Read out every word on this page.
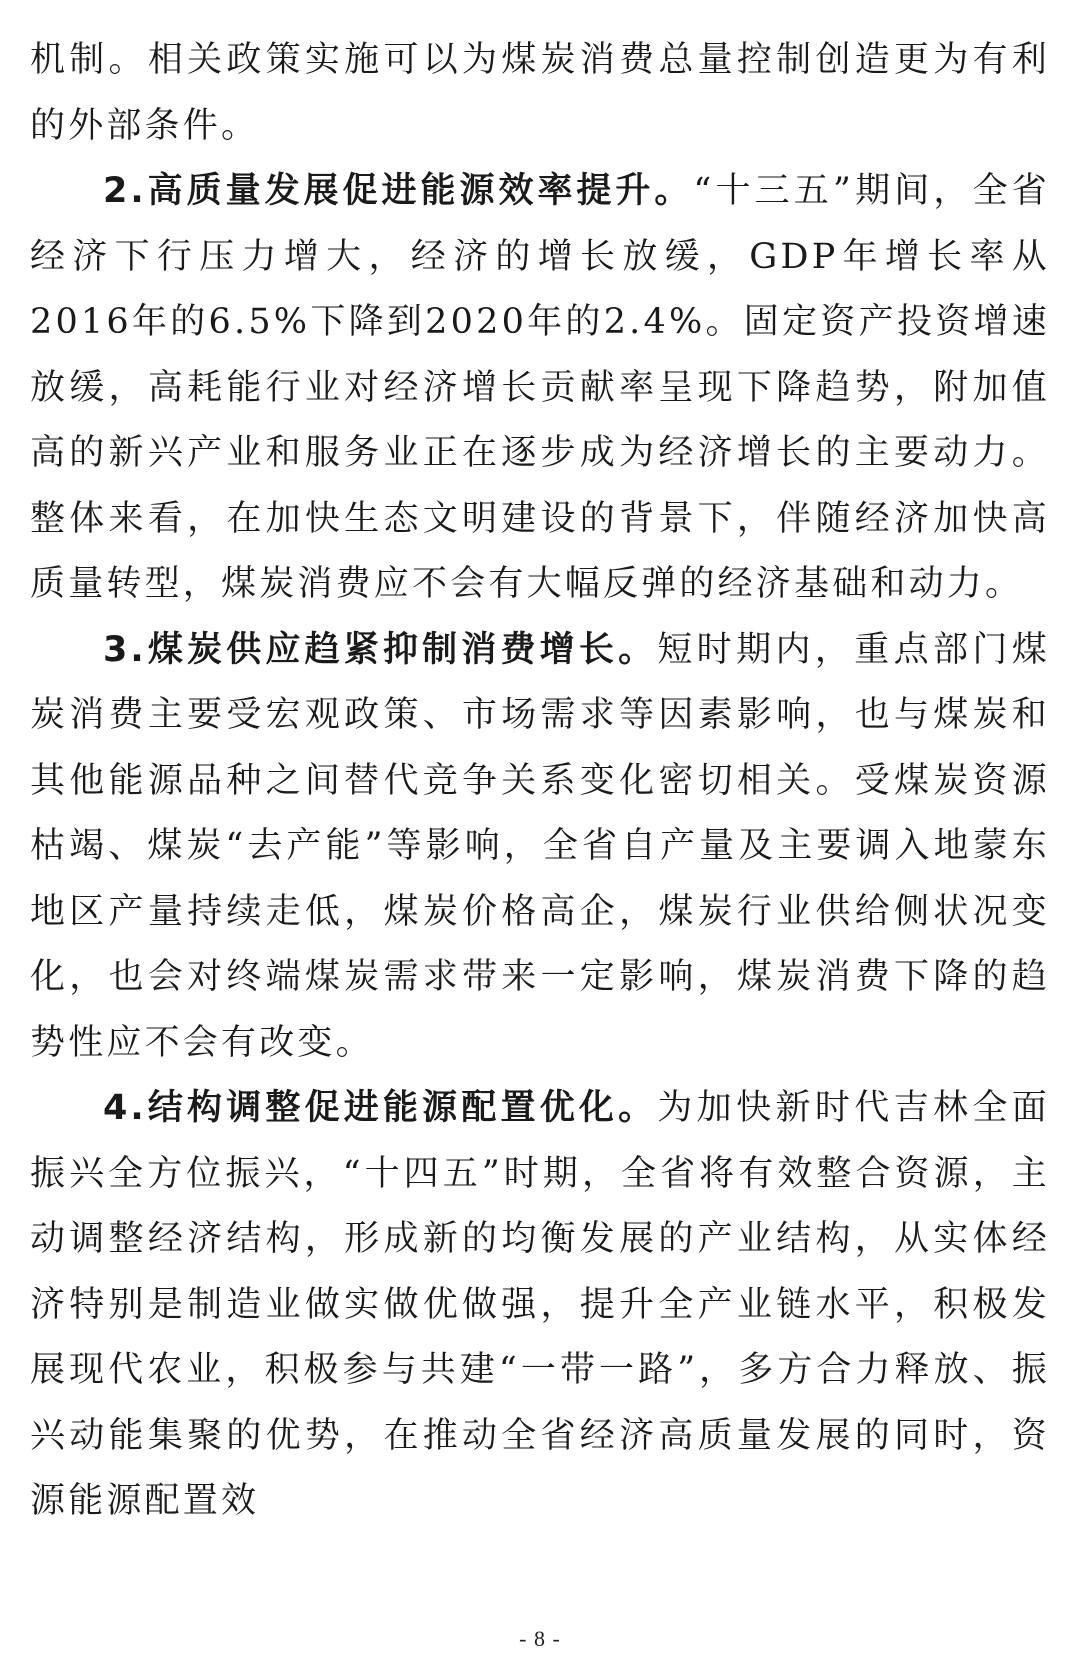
机制。相关政策实施可以为煤炭消费总量控制创造更为有利的外部条件。

2.高质量发展促进能源效率提升。“十三五”期间，全省经济下行压力增大，经济的增长放缓，GDP年增长率从2016年的6.5%下降到2020年的2.4%。固定资产投资增速放缓，高耗能行业对经济增长贡献率呈现下降趋势，附加值高的新兴产业和服务业正在逐步成为经济增长的主要动力。整体来看，在加快生态文明建设的背景下，伴随经济加快高质量转型，煤炭消费应不会有大幅反弹的经济基础和动力。

3.煤炭供应趋紧抑制消费增长。短时期内，重点部门煤炭消费主要受宏观政策、市场需求等因素影响，也与煤炭和其他能源品种之间替代竞争关系变化密切相关。受煤炭资源枯竭、煤炭“去产能”等影响，全省自产量及主要调入地蒙东地区产量持续走低，煤炭价格高企，煤炭行业供给侧状况变化，也会对终端煤炭需求带来一定影响，煤炭消费下降的趋势性应不会有改变。

4.结构调整促进能源配置优化。为加快新时代吉林全面振兴全方位振兴，“十四五”时期，全省将有效整合资源，主动调整经济结构，形成新的均衡发展的产业结构，从实体经济特别是制造业做实做优做强，提升全产业链水平，积极发展现代农业，积极参与共建“一带一路”，多方合力释放、振兴动能集聚的优势，在推动全省经济高质量发展的同时，资源能源配置效

- 8 -
